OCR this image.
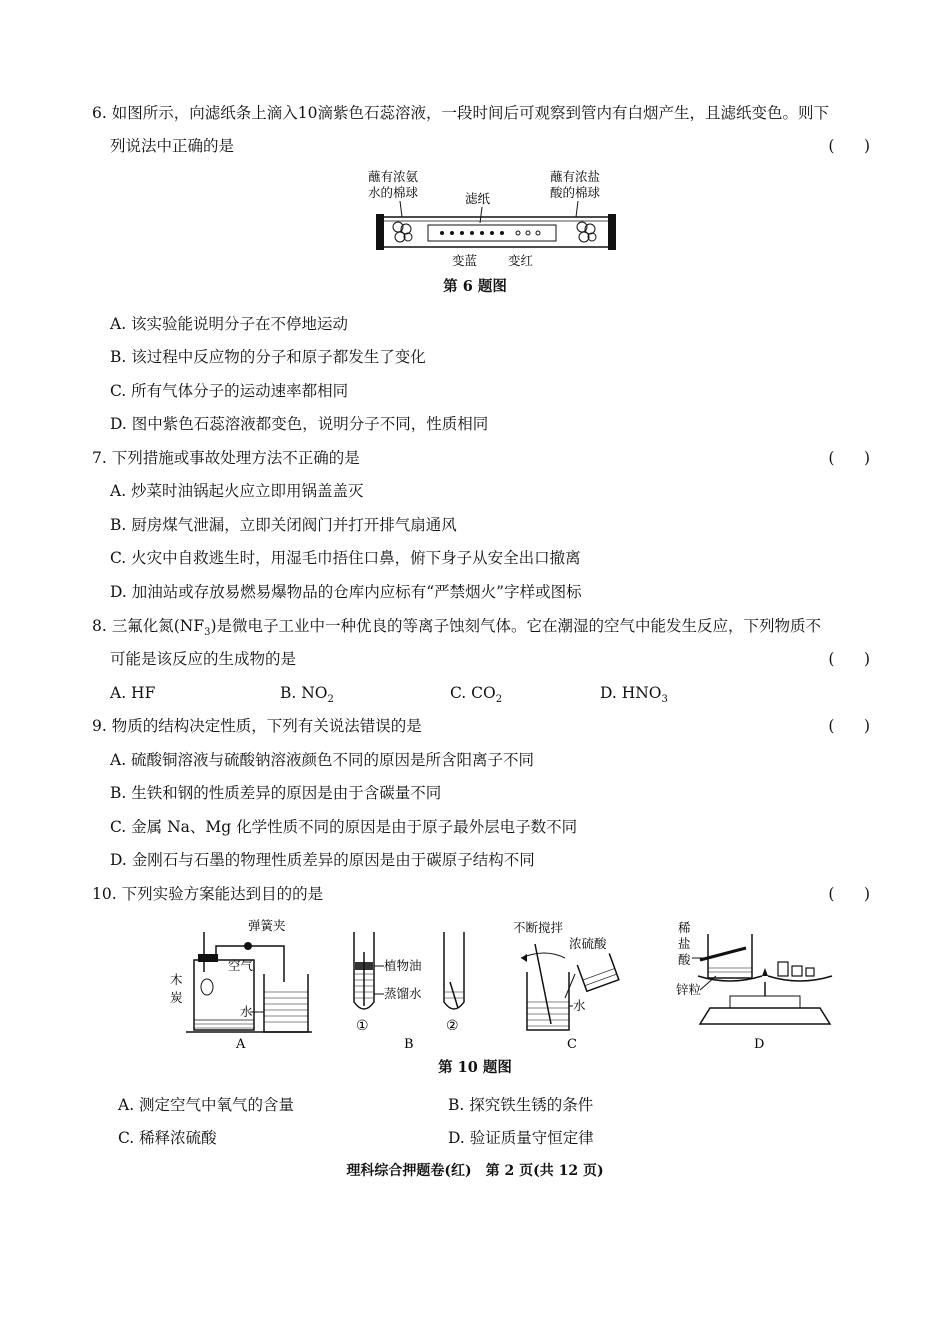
6. 如图所示，向滤纸条上滴入10滴紫色石蕊溶液，一段时间后可观察到管内有白烟产生，且滤纸变色。则下
列说法中正确的是	(      )
蘸有浓氨
水的棉球	滤纸
蘸有浓盐
酸的棉球
变蓝 变红
第 6 题图
A. 该实验能说明分子在不停地运动
B. 该过程中反应物的分子和原子都发生了变化
C. 所有气体分子的运动速率都相同
D. 图中紫色石蕊溶液都变色，说明分子不同，性质相同
7. 下列措施或事故处理方法不正确的是	(      )
A. 炒菜时油锅起火应立即用锅盖盖灭
B. 厨房煤气泄漏，立即关闭阀门并打开排气扇通风
C. 火灾中自救逃生时，用湿毛巾捂住口鼻，俯下身子从安全出口撤离
D. 加油站或存放易燃易爆物品的仓库内应标有“严禁烟火”字样或图标
8. 三氟化氮$(NF_3)$是微电子工业中一种优良的等离子蚀刻气体。它在潮湿的空气中能发生反应，下列物质不
可能是该反应的生成物的是	(      )
A. HF	B. $NO_2$	C. $CO_2$	D. $HNO_3$
9. 物质的结构决定性质，下列有关说法错误的是	(      )
A. 硫酸铜溶液与硫酸钠溶液颜色不同的原因是所含阳离子不同
B. 生铁和钢的性质差异的原因是由于含碳量不同
C. 金属 Na、Mg 化学性质不同的原因是由于原子最外层电子数不同
D. 金刚石与石墨的物理性质差异的原因是由于碳原子结构不同
10. 下列实验方案能达到目的的是	(      )
弹簧夹
空气
木
炭
水
A
植物油
蒸馏水
①	②
B
不断搅拌
浓硫酸
水
C
稀
盐
酸
锌粒
D
第 10 题图
A. 测定空气中氧气的含量	B. 探究铁生锈的条件
C. 稀释浓硫酸	D. 验证质量守恒定律
理科综合押题卷(红)　第 2 页(共 12 页)
